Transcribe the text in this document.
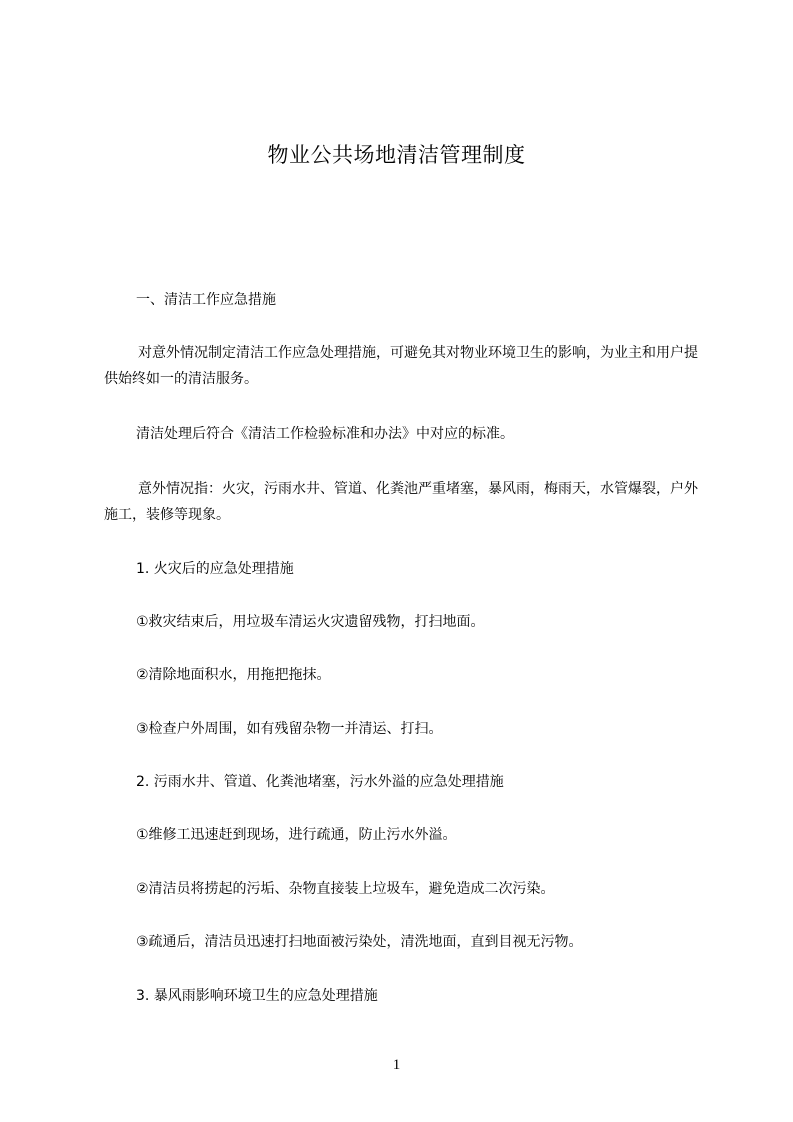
物业公共场地清洁管理制度

一、清洁工作应急措施

对意外情况制定清洁工作应急处理措施，可避免其对物业环境卫生的影响，为业主和用户提供始终如一的清洁服务。

清洁处理后符合《清洁工作检验标准和办法》中对应的标准。

意外情况指：火灾，污雨水井、管道、化粪池严重堵塞，暴风雨，梅雨天，水管爆裂，户外施工，装修等现象。

1. 火灾后的应急处理措施

①救灾结束后，用垃圾车清运火灾遗留残物，打扫地面。

②清除地面积水，用拖把拖抹。

③检查户外周围，如有残留杂物一并清运、打扫。

2. 污雨水井、管道、化粪池堵塞，污水外溢的应急处理措施

①维修工迅速赶到现场，进行疏通，防止污水外溢。

②清洁员将捞起的污垢、杂物直接装上垃圾车，避免造成二次污染。

③疏通后，清洁员迅速打扫地面被污染处，清洗地面，直到目视无污物。

3. 暴风雨影响环境卫生的应急处理措施

1
